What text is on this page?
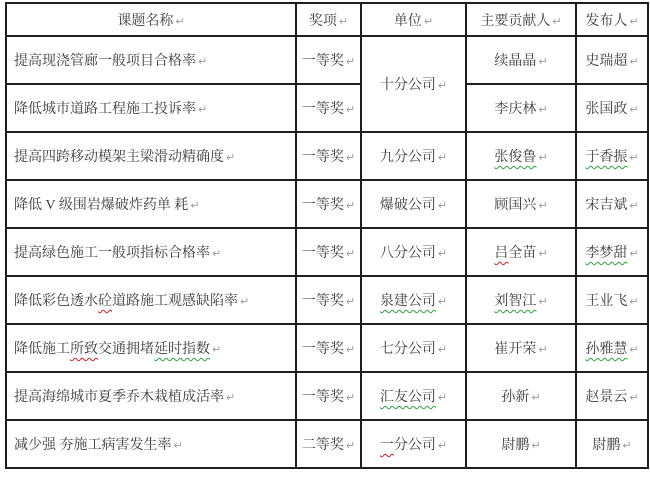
课题名称 ↵	奖项 ↵	单位 ↵	主要贡献人 ↵	发布人 ↵
提高现浇管廊一般项目合格率 ↵	一等奖 ↵	十分公司 ↵	续晶晶 ↵	史瑞超 ↵
降低城市道路工程施工投诉率 ↵	一等奖 ↵		李庆林 ↵	张国政 ↵
提高四跨移动模架主梁滑动精确度 ↵	一等奖 ↵	九分公司 ↵	张俊鲁 ↵	于香振 ↵
降低 V 级围岩爆破炸药单 耗 ↵	一等奖 ↵	爆破公司 ↵	顾国兴 ↵	宋吉斌 ↵
提高绿色施工一般项指标合格率 ↵	一等奖 ↵	八分公司 ↵	吕全苗 ↵	李梦甜 ↵
降低彩色透水砼道路施工观感缺陷率 ↵	一等奖 ↵	泉建公司 ↵	刘智江 ↵	王业飞 ↵
降低施工所致交通拥堵延时指数 ↵	一等奖 ↵	七分公司 ↵	崔开荣 ↵	孙雅慧 ↵
提高海绵城市夏季乔木栽植成活率 ↵	一等奖 ↵	汇友公司 ↵	孙新 ↵	赵景云 ↵
减少强 夯施工病害发生率 ↵	二等奖 ↵	一分公司 ↵	尉鹏 ↵	尉鹏 ↵
